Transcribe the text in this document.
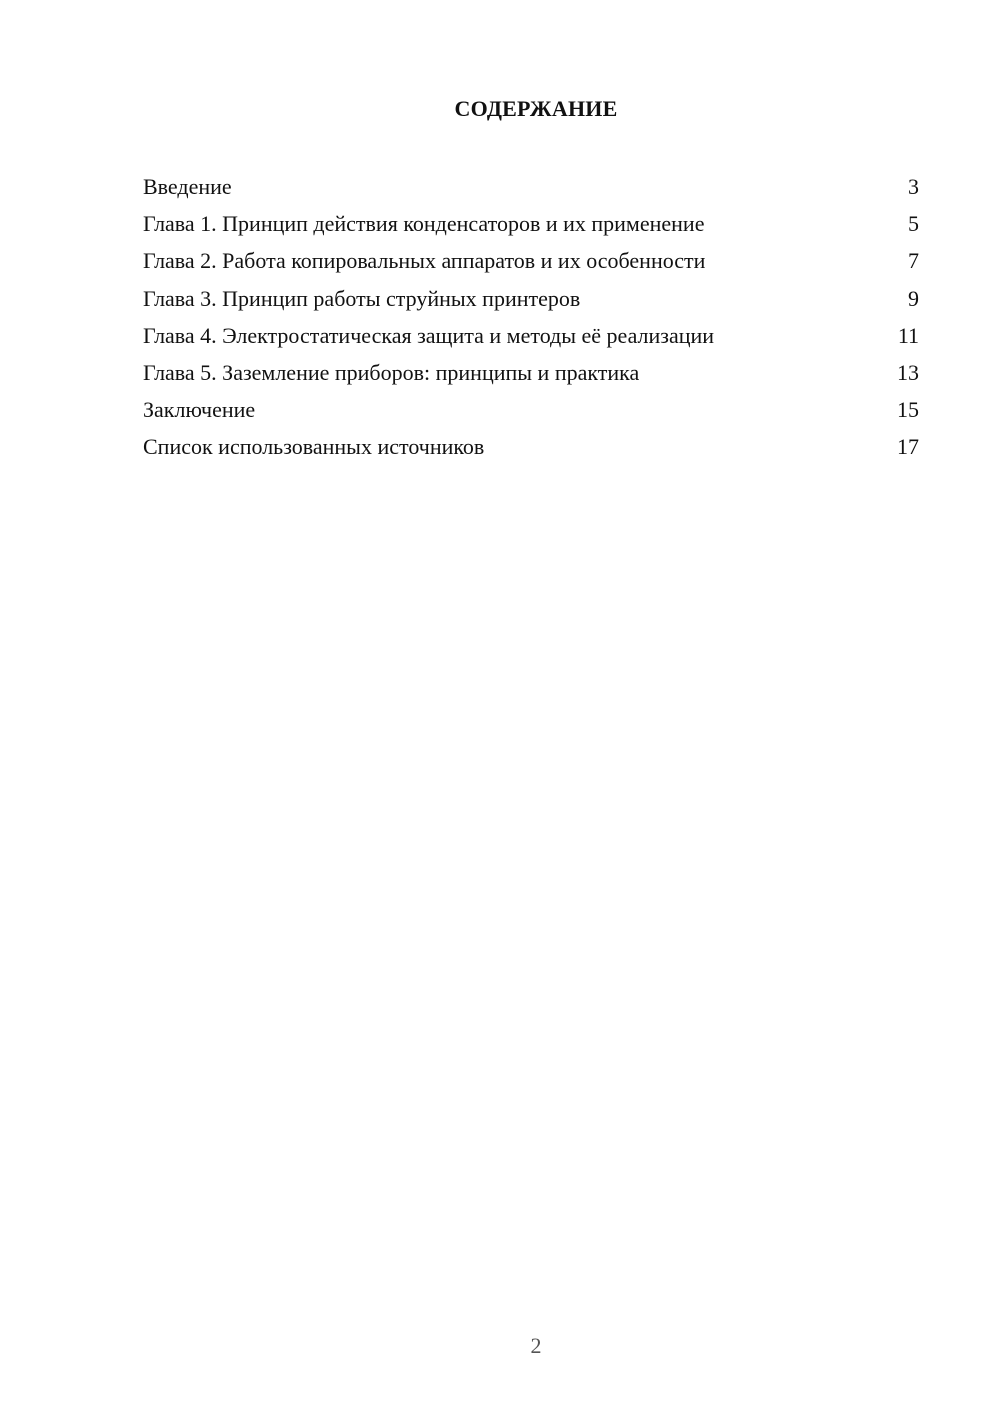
СОДЕРЖАНИЕ
Введение	3
Глава 1. Принцип действия конденсаторов и их применение	5
Глава 2. Работа копировальных аппаратов и их особенности	7
Глава 3. Принцип работы струйных принтеров	9
Глава 4. Электростатическая защита и методы её реализации	11
Глава 5. Заземление приборов: принципы и практика	13
Заключение	15
Список использованных источников	17
2
